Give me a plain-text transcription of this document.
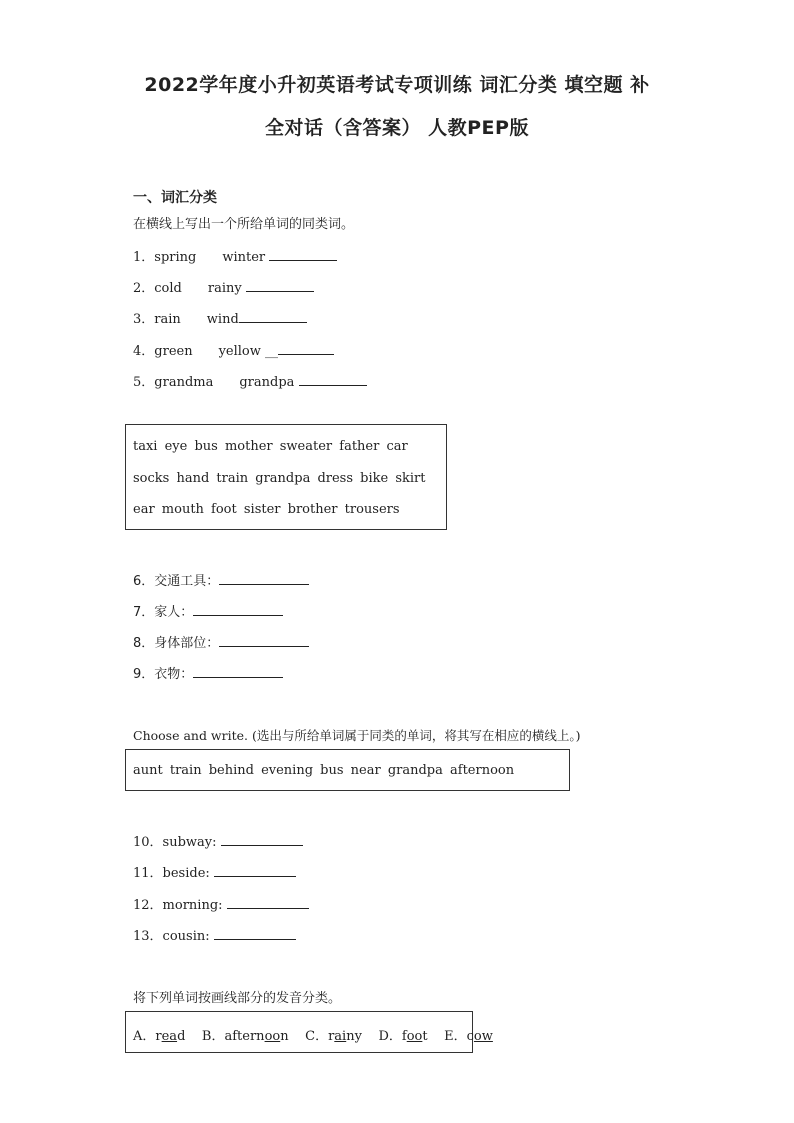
2022学年度小升初英语考试专项训练 词汇分类 填空题 补
全对话（含答案） 人教PEP版
一、词汇分类
在横线上写出一个所给单词的同类词。
1．spring winter
2．cold rainy
3．rain wind
4．green yellow __
5．grandma grandpa
taxi eye bus mother sweater father car
socks hand train grandpa dress bike skirt
ear mouth foot sister brother trousers
6．交通工具：
7．家人：
8．身体部位：
9．衣物：
Choose and write. (选出与所给单词属于同类的单词，将其写在相应的横线上。)
aunt train behind evening bus near grandpa afternoon
10．subway:
11．beside:
12．morning:
13．cousin:
将下列单词按画线部分的发音分类。
A．read B．afternoon C．rainy D．foot E．cow
